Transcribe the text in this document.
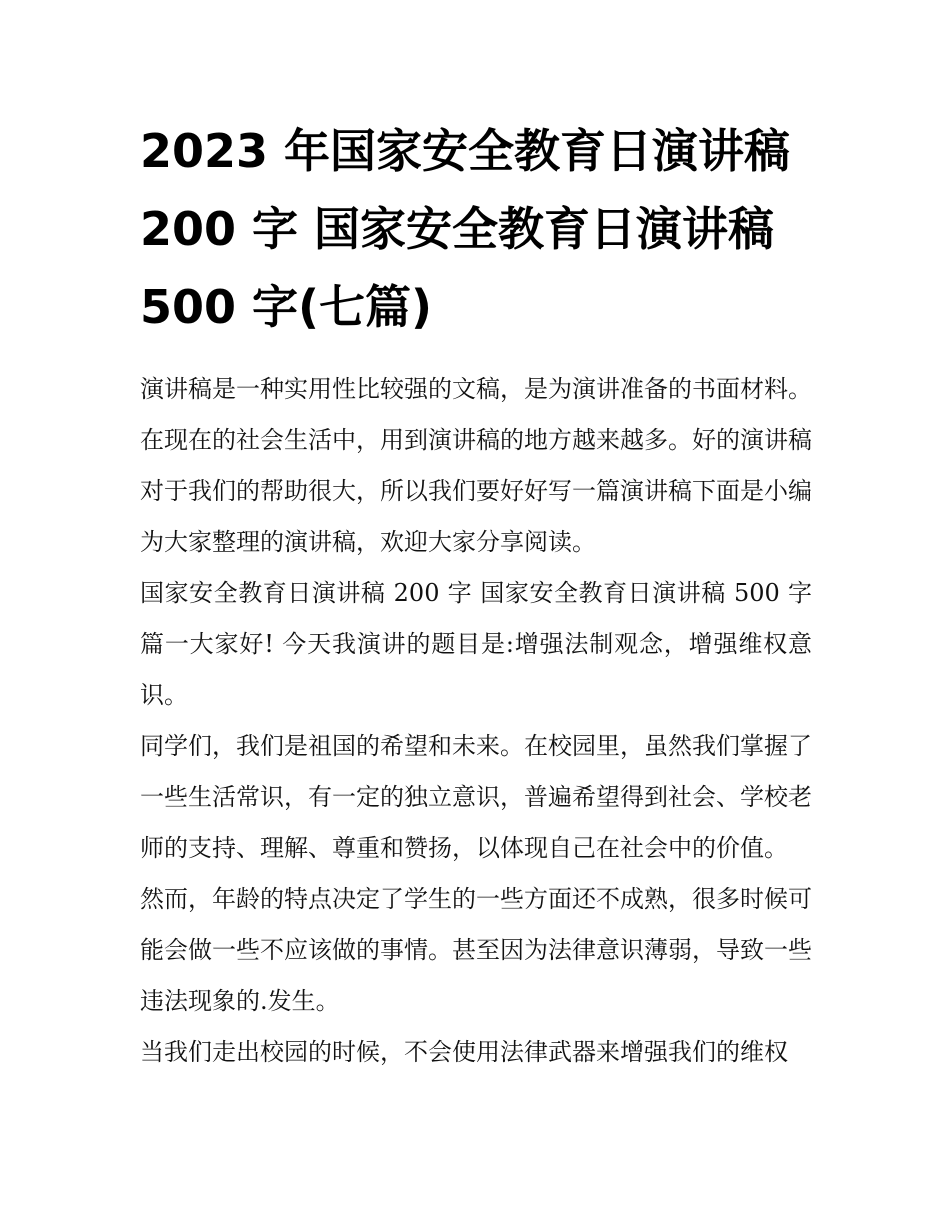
2023 年国家安全教育日演讲稿
200 字 国家安全教育日演讲稿
500 字(七篇)

演讲稿是一种实用性比较强的文稿，是为演讲准备的书面材料。在现在的社会生活中，用到演讲稿的地方越来越多。好的演讲稿对于我们的帮助很大，所以我们要好好写一篇演讲稿下面是小编为大家整理的演讲稿，欢迎大家分享阅读。

国家安全教育日演讲稿 200 字 国家安全教育日演讲稿 500 字篇一大家好! 今天我演讲的题目是:增强法制观念，增强维权意识。

同学们，我们是祖国的希望和未来。在校园里，虽然我们掌握了一些生活常识，有一定的独立意识，普遍希望得到社会、学校老师的支持、理解、尊重和赞扬，以体现自己在社会中的价值。

然而，年龄的特点决定了学生的一些方面还不成熟，很多时候可能会做一些不应该做的事情。甚至因为法律意识薄弱，导致一些违法现象的.发生。

当我们走出校园的时候，不会使用法律武器来增强我们的维权
